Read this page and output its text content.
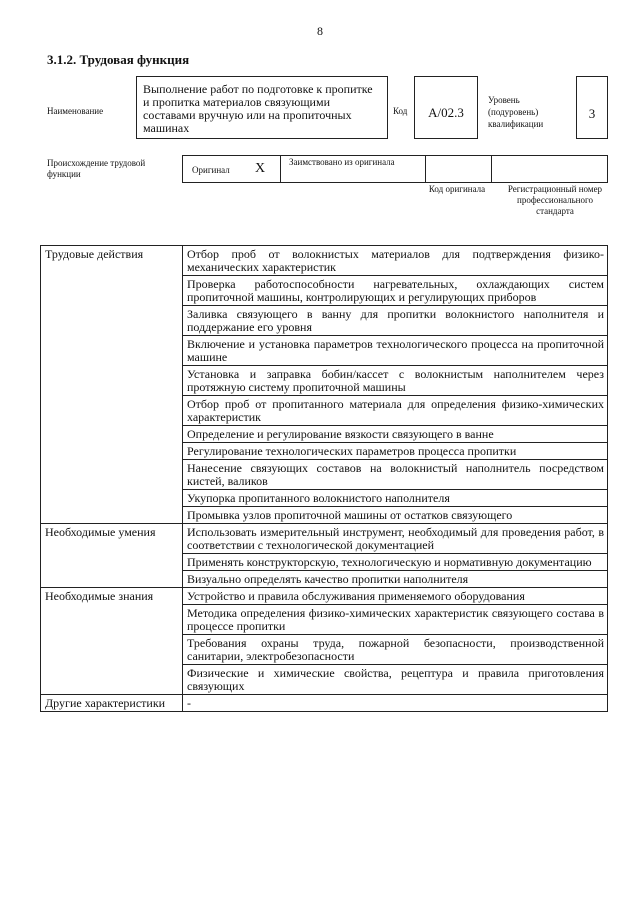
8
3.1.2. Трудовая функция
Наименование
Выполнение работ по подготовке к пропитке и пропитка материалов связующими составами вручную или на пропиточных машинах
Код	А/02.3
Уровень (подуровень) квалификации
3
Происхождение трудовой функции	Оригинал X	Заимствовано из оригинала
Код оригинала	Регистрационный номер профессионального стандарта
Трудовые действия	Отбор проб от волокнистых материалов для подтверждения физико-механических характеристик
	Проверка работоспособности нагревательных, охлаждающих систем пропиточной машины, контролирующих и регулирующих приборов
	Заливка связующего в ванну для пропитки волокнистого наполнителя и поддержание его уровня
	Включение и установка параметров технологического процесса на пропиточной машине
	Установка и заправка бобин/кассет с волокнистым наполнителем через протяжную систему пропиточной машины
	Отбор проб от пропитанного материала для определения физико-химических характеристик
	Определение и регулирование вязкости связующего в ванне
	Регулирование технологических параметров процесса пропитки
	Нанесение связующих составов на волокнистый наполнитель посредством кистей, валиков
	Укупорка пропитанного волокнистого наполнителя
	Промывка узлов пропиточной машины от остатков связующего
Необходимые умения	Использовать измерительный инструмент, необходимый для проведения работ, в соответствии с технологической документацией
	Применять конструкторскую, технологическую и нормативную документацию
	Визуально определять качество пропитки наполнителя
Необходимые знания	Устройство и правила обслуживания применяемого оборудования
	Методика определения физико-химических характеристик связующего состава в процессе пропитки
	Требования охраны труда, пожарной безопасности, производственной санитарии, электробезопасности
	Физические и химические свойства, рецептура и правила приготовления связующих
Другие характеристики	-
